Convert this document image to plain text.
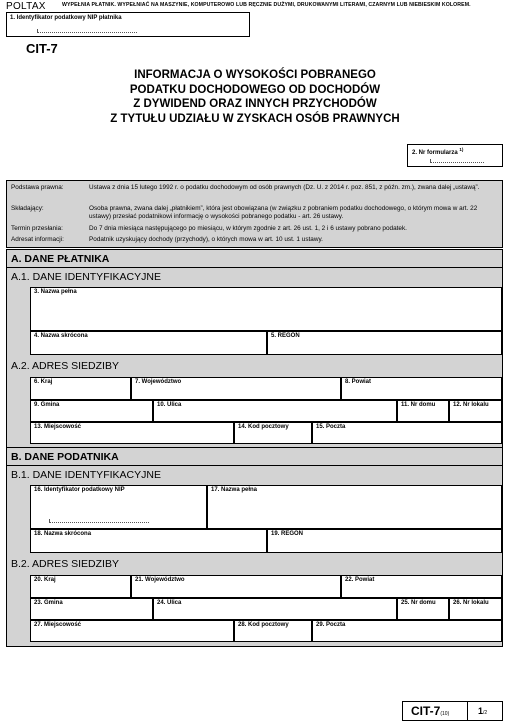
POLTAX	WYPEŁNIA PŁATNIK. WYPEŁNIAĆ NA MASZYNIE, KOMPUTEROWO LUB RĘCZNIE DUŻYMI, DRUKOWANYMI LITERAMI, CZARNYM LUB NIEBIESKIM KOLOREM.
1. Identyfikator podatkowy NIP płatnika
CIT-7
INFORMACJA O WYSOKOŚCI POBRANEGO
PODATKU DOCHODOWEGO OD DOCHODÓW
Z DYWIDEND ORAZ INNYCH PRZYCHODÓW
Z TYTUŁU UDZIAŁU W ZYSKACH OSÓB PRAWNYCH
2. Nr formularza $^{1)}$
Podstawa prawna:	Ustawa z dnia 15 lutego 1992 r. o podatku dochodowym od osób prawnych (Dz. U. z 2014 r. poz. 851, z późn. zm.), zwana dalej „ustawą”.
Składający:	Osoba prawna, zwana dalej „płatnikiem”, która jest obowiązana (w związku z pobraniem podatku dochodowego, o którym mowa w art. 22 ustawy) przesłać podatnikowi informację o wysokości pobranego podatku - art. 26 ustawy.
Termin przesłania:	Do 7 dnia miesiąca następującego po miesiącu, w którym zgodnie z art. 26 ust. 1, 2 i 6 ustawy pobrano podatek.
Adresat informacji:	Podatnik uzyskujący dochody (przychody), o których mowa w art. 10 ust. 1 ustawy.
A. DANE PŁATNIKA
A.1. DANE IDENTYFIKACYJNE
3. Nazwa pełna
4. Nazwa skrócona	5. REGON
A.2. ADRES SIEDZIBY
6. Kraj	7. Województwo	8. Powiat
9. Gmina	10. Ulica	11. Nr domu	12. Nr lokalu
13. Miejscowość	14. Kod pocztowy	15. Poczta
B. DANE PODATNIKA
B.1. DANE IDENTYFIKACYJNE
16. Identyfikator podatkowy NIP	17. Nazwa pełna
18. Nazwa skrócona	19. REGON
B.2. ADRES SIEDZIBY
20. Kraj	21. Województwo	22. Powiat
23. Gmina	24. Ulica	25. Nr domu	26. Nr lokalu
27. Miejscowość	28. Kod pocztowy	29. Poczta
CIT-7(10)	1/2
